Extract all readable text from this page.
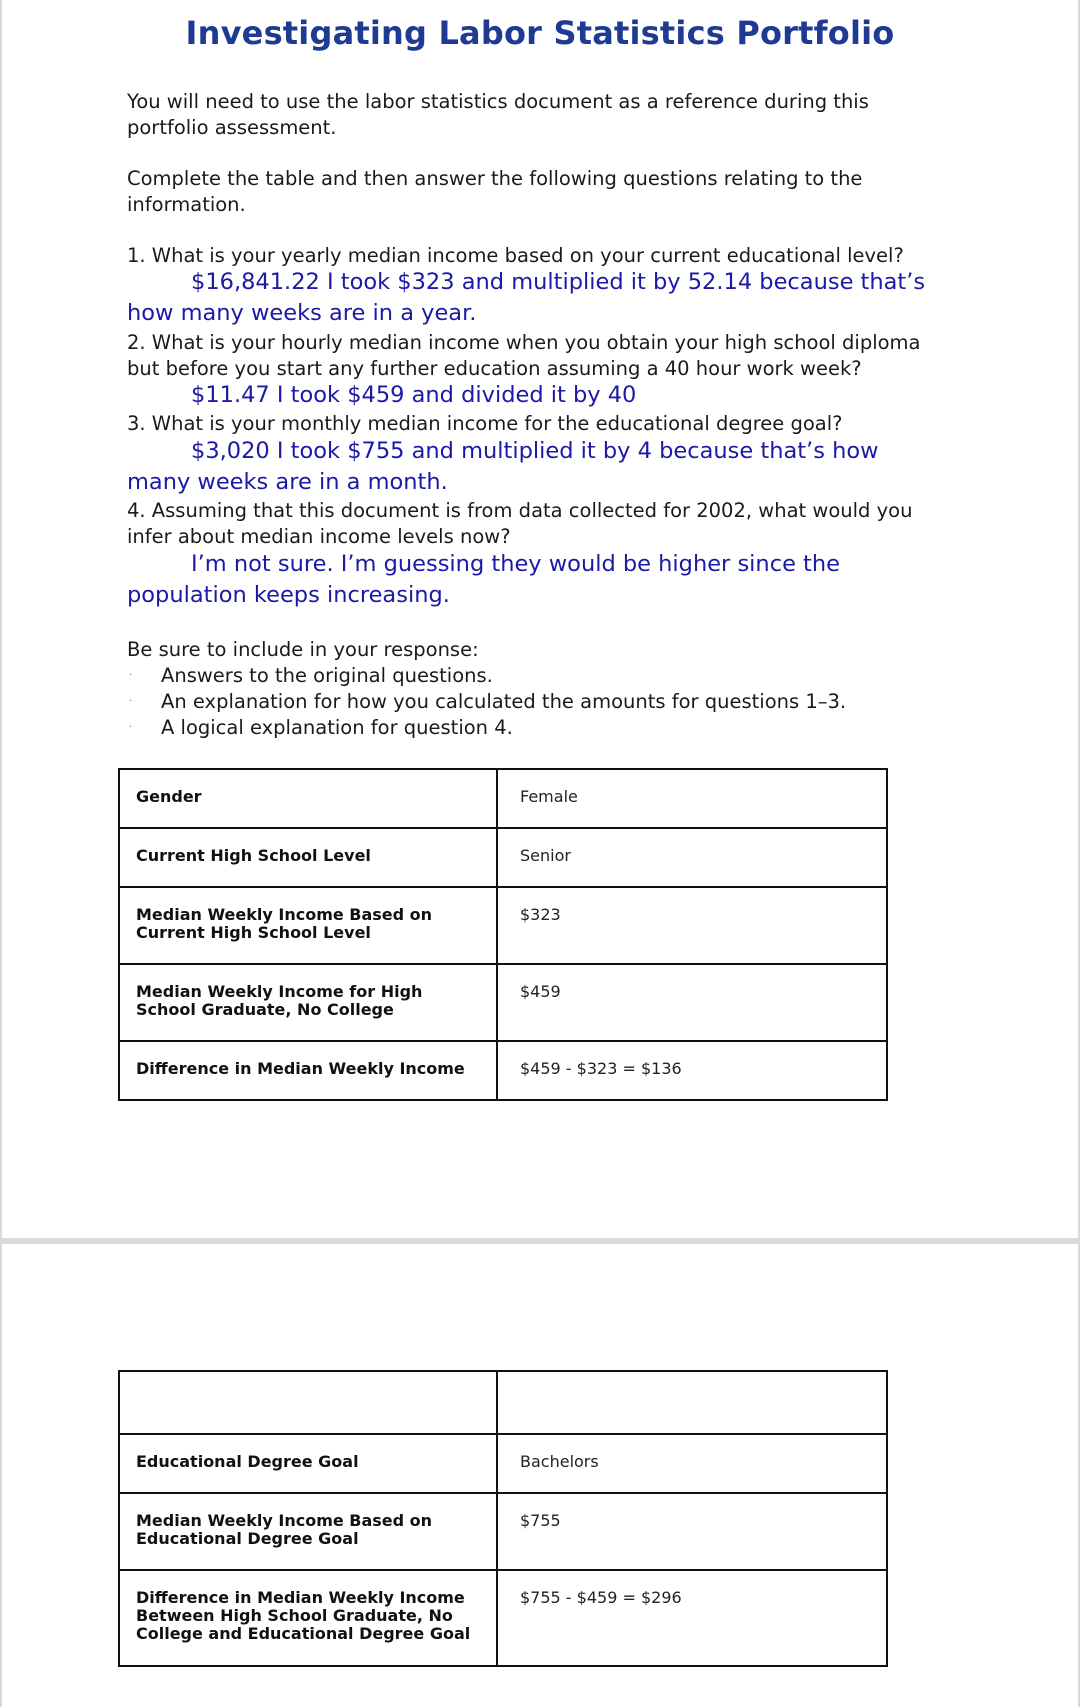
Investigating Labor Statistics Portfolio
You will need to use the labor statistics document as a reference during this portfolio assessment.
Complete the table and then answer the following questions relating to the information.
1. What is your yearly median income based on your current educational level?
$16,841.22 I took $323 and multiplied it by 52.14 because that’s how many weeks are in a year.
2. What is your hourly median income when you obtain your high school diploma but before you start any further education assuming a 40 hour work week?
$11.47 I took $459 and divided it by 40
3. What is your monthly median income for the educational degree goal?
$3,020 I took $755 and multiplied it by 4 because that’s how many weeks are in a month.
4. Assuming that this document is from data collected for 2002, what would you infer about median income levels now?
I’m not sure. I’m guessing they would be higher since the population keeps increasing.
Be sure to include in your response:
· Answers to the original questions.
· An explanation for how you calculated the amounts for questions 1–3.
· A logical explanation for question 4.
Gender	Female
Current High School Level	Senior
Median Weekly Income Based on Current High School Level	$323
Median Weekly Income for High School Graduate, No College	$459
Difference in Median Weekly Income	$459 - $323 = $136

Educational Degree Goal	Bachelors
Median Weekly Income Based on Educational Degree Goal	$755
Difference in Median Weekly Income Between High School Graduate, No College and Educational Degree Goal	$755 - $459 = $296
